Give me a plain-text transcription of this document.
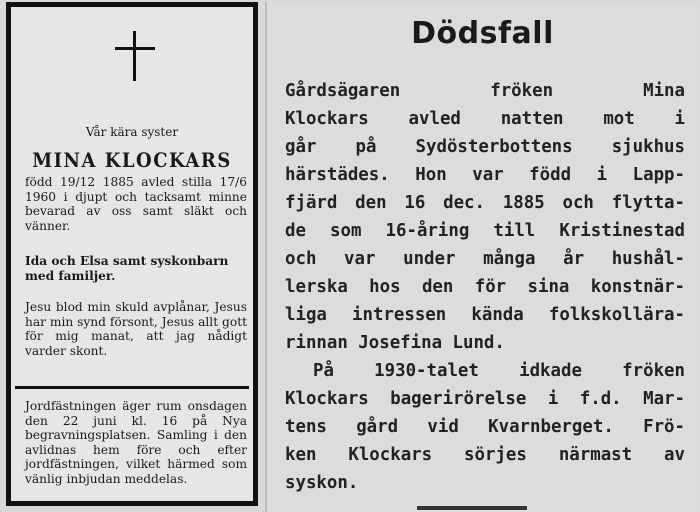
Vår kära syster
MINA KLOCKARS
född 19/12 1885 avled stilla 17/6 1960 i djupt och tacksamt minne bevarad av oss samt släkt och vänner.
Ida och Elsa samt syskonbarn med familjer.
Jesu blod min skuld avplånar, Jesus har min synd försont, Jesus allt gott för mig manat, att jag nådigt varder skont.
Jordfästningen äger rum onsdagen den 22 juni kl. 16 på Nya begravningsplatsen. Samling i den avlidnas hem före och efter jordfästningen, vilket härmed som vänlig inbjudan meddelas.
Dödsfall
Gårdsägaren fröken Mina
Klockars avled natten mot i
går på Sydösterbottens sjukhus
härstädes. Hon var född i Lapp-
fjärd den 16 dec. 1885 och flytta-
de som 16-åring till Kristinestad
och var under många år hushål-
lerska hos den för sina konstnär-
liga intressen kända folkskollära-
rinnan Josefina Lund.
På 1930-talet idkade fröken
Klockars bagerirörelse i f.d. Mar-
tens gård vid Kvarnberget. Frö-
ken Klockars sörjes närmast av
syskon.
